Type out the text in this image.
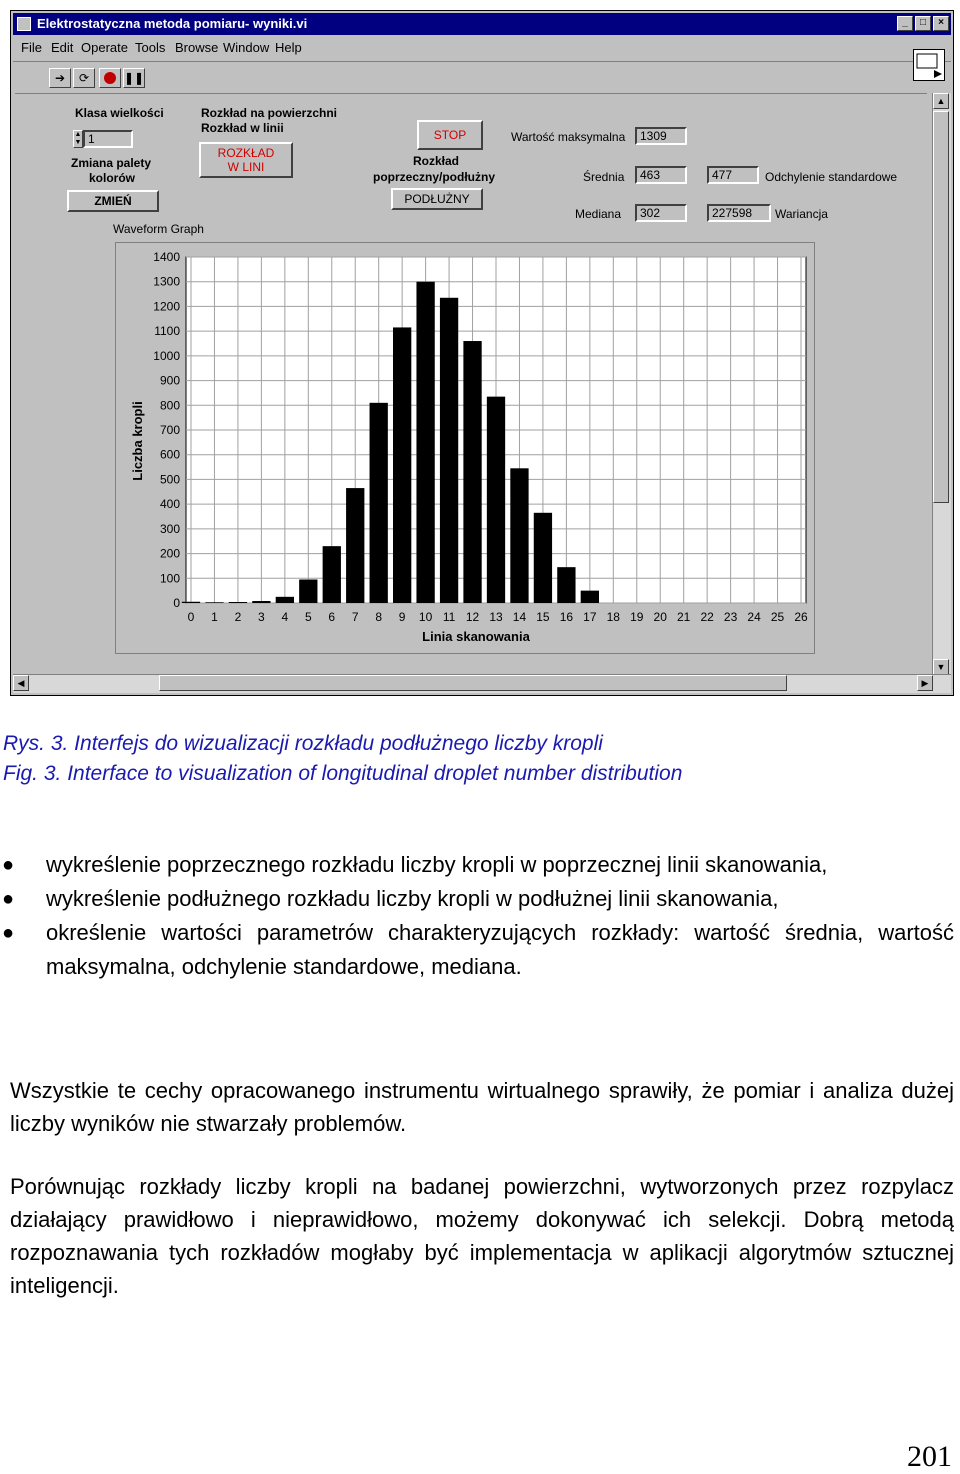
Elektrostatyczna metoda pomiaru- wyniki.vi	_	□	×
File Edit Operate Tools Browse Window Help
➔	⟳	❚❚
Klasa wielkości
▲
▼ 1
Zmiana palety
kolorów
ZMIEŃ
Rozkład na powierzchni
Rozkład w linii
ROZKŁAD
W LINI
STOP
Rozkład
poprzeczny/podłużny
PODŁUŻNY
Wartość maksymalna	1309
Średnia	463	477	Odchylenie standardowe
Mediana	302	227598	Wariancja
Waveform Graph
0
100
200
300
400
500
600
700
800
900
1000
1100
1200
1300
1400
0 1 2 3 4 5 6 7 8 9 10 11 12 13 14 15 16 17 18 19 20 21 22 23 24 25 26
Linia skanowania
Liczba kropli
▲
▼
◀	▶
Rys. 3. Interfejs do wizualizacji rozkładu podłużnego liczby kropli
Fig. 3. Interface to visualization of longitudinal droplet number distribution
● wykreślenie poprzecznego rozkładu liczby kropli w poprzecznej linii skanowania,
● wykreślenie podłużnego rozkładu liczby kropli w podłużnej linii skanowania,
● określenie wartości parametrów charakteryzujących rozkłady: wartość średnia, wartość maksymalna, odchylenie standardowe, mediana.
Wszystkie te cechy opracowanego instrumentu wirtualnego sprawiły, że pomiar i analiza dużej liczby wyników nie stwarzały problemów.
Porównując rozkłady liczby kropli na badanej powierzchni, wytworzonych przez rozpylacz działający prawidłowo i nieprawidłowo, możemy dokonywać ich selekcji. Dobrą metodą rozpoznawania tych rozkładów mogłaby być implementacja w aplikacji algorytmów sztucznej inteligencji.
201
